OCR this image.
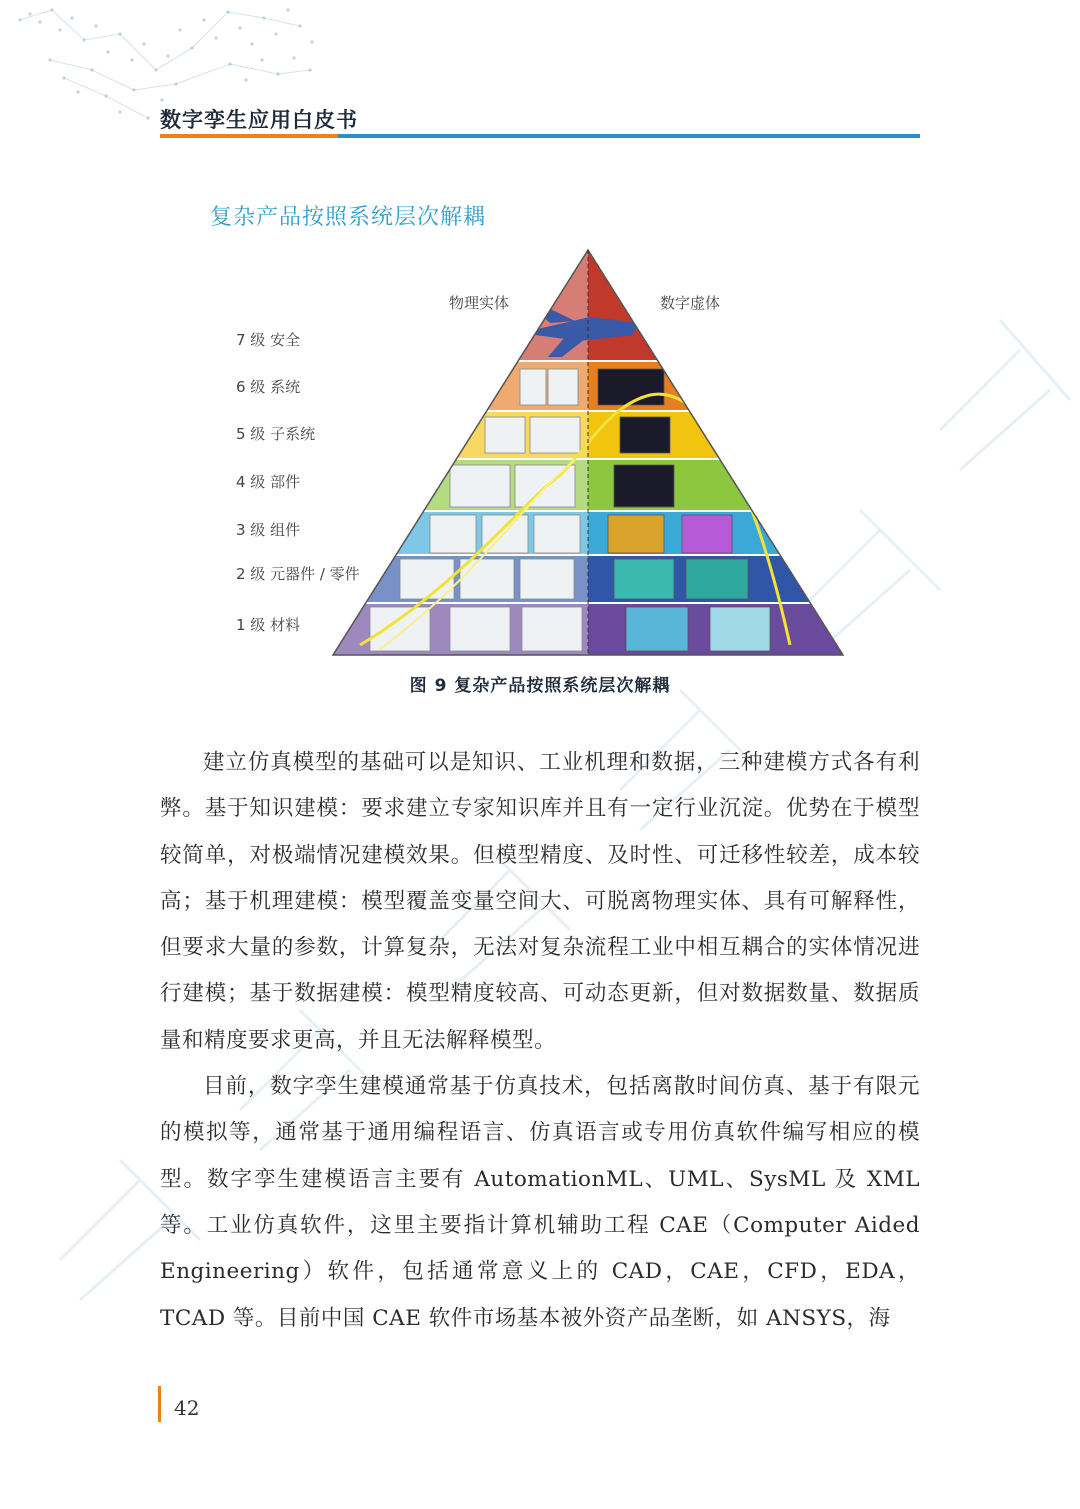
数字孪生应用白皮书
复杂产品按照系统层次解耦
物理实体	数字虚体
7 级 安全
6 级 系统
5 级 子系统
4 级 部件
3 级 组件
2 级 元器件 / 零件
1 级 材料
图 9 复杂产品按照系统层次解耦

建立仿真模型的基础可以是知识、工业机理和数据，三种建模方式各有利弊。基于知识建模：要求建立专家知识库并且有一定行业沉淀。优势在于模型较简单，对极端情况建模效果。但模型精度、及时性、可迁移性较差，成本较高；基于机理建模：模型覆盖变量空间大、可脱离物理实体、具有可解释性，但要求大量的参数，计算复杂，无法对复杂流程工业中相互耦合的实体情况进行建模；基于数据建模：模型精度较高、可动态更新，但对数据数量、数据质量和精度要求更高，并且无法解释模型。

目前，数字孪生建模通常基于仿真技术，包括离散时间仿真、基于有限元的模拟等，通常基于通用编程语言、仿真语言或专用仿真软件编写相应的模型。数字孪生建模语言主要有 AutomationML、UML、SysML 及 XML 等。工业仿真软件，这里主要指计算机辅助工程 CAE（Computer Aided Engineering）软件，包括通常意义上的 CAD，CAE，CFD，EDA，TCAD 等。目前中国 CAE 软件市场基本被外资产品垄断，如 ANSYS，海

42
